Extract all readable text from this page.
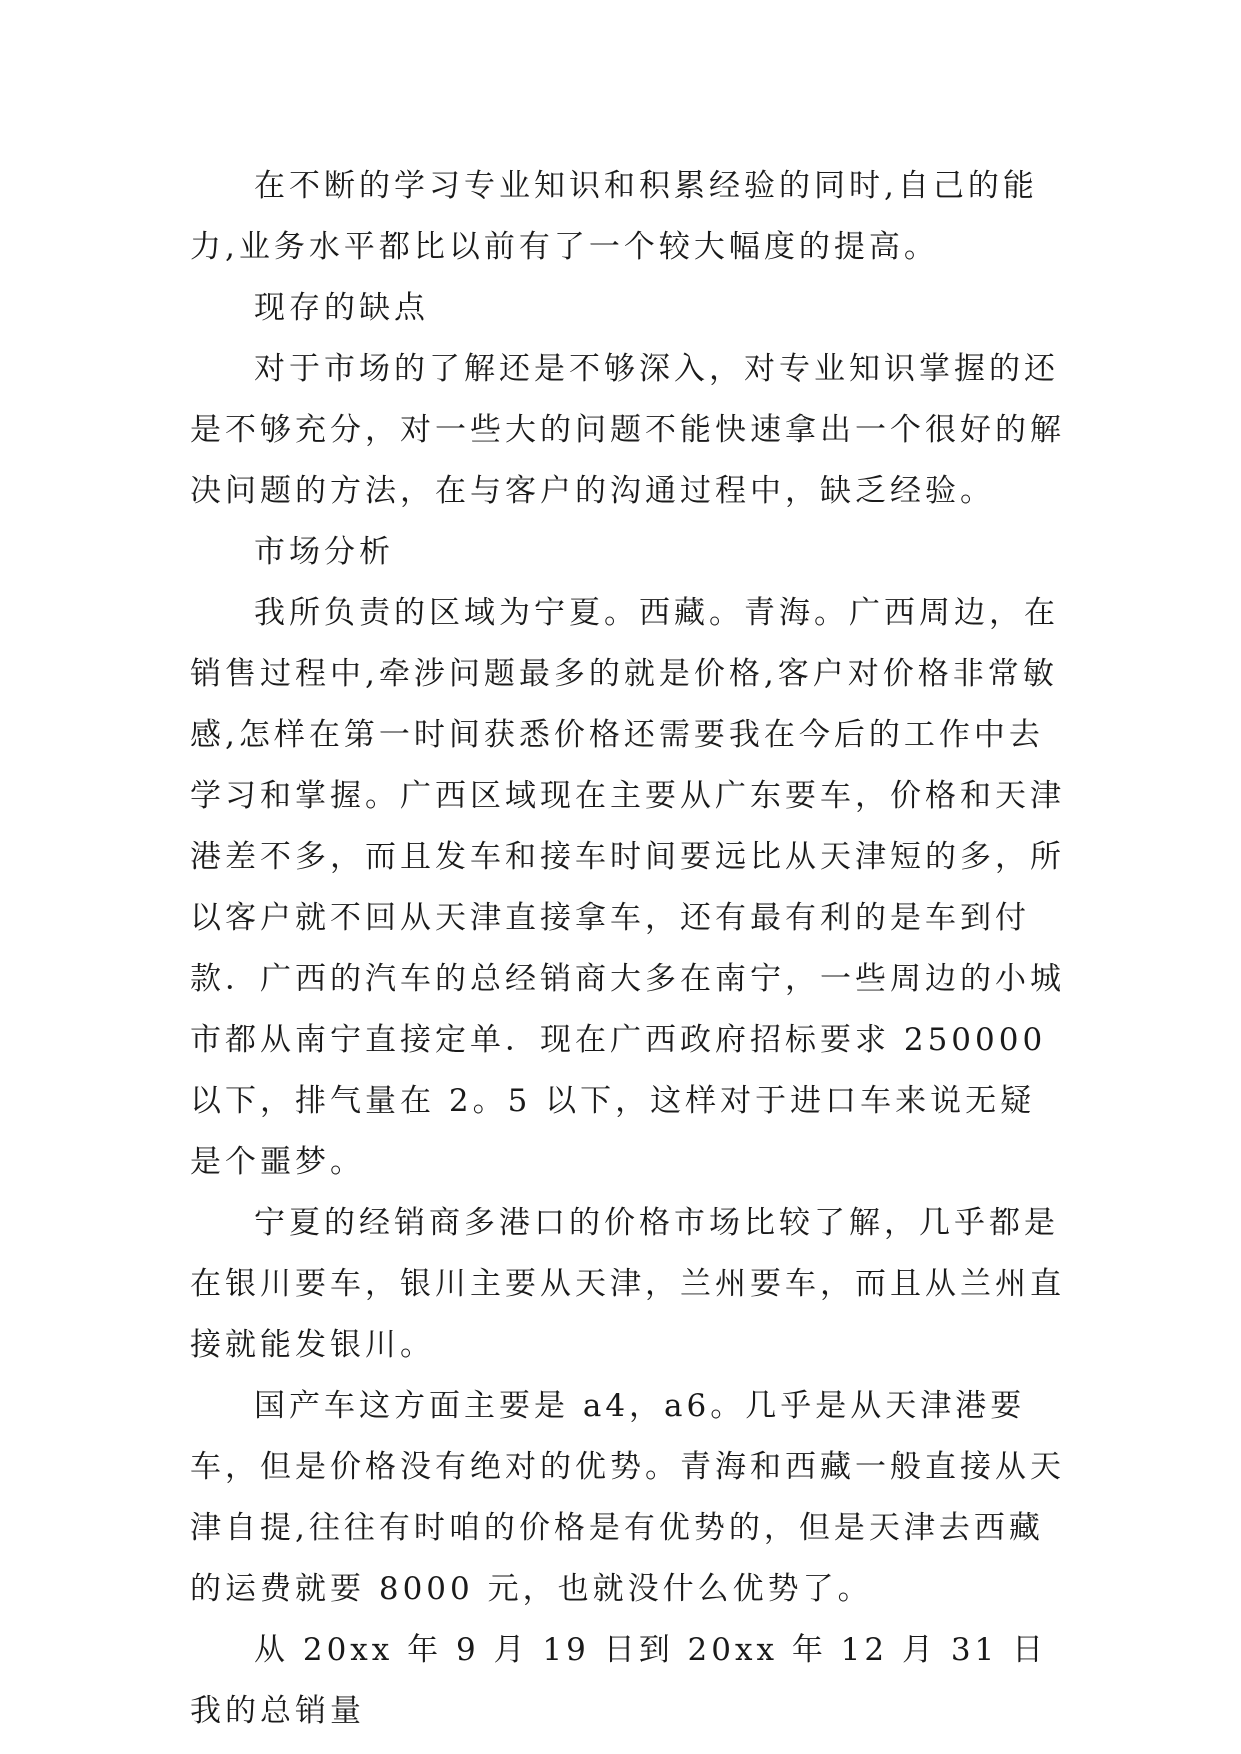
在不断的学习专业知识和积累经验的同时,自己的能力,业务水平都比以前有了一个较大幅度的提高。

现存的缺点

对于市场的了解还是不够深入，对专业知识掌握的还是不够充分，对一些大的问题不能快速拿出一个很好的解决问题的方法，在与客户的沟通过程中，缺乏经验。

市场分析

我所负责的区域为宁夏。西藏。青海。广西周边，在销售过程中,牵涉问题最多的就是价格,客户对价格非常敏感,怎样在第一时间获悉价格还需要我在今后的工作中去学习和掌握。广西区域现在主要从广东要车，价格和天津港差不多，而且发车和接车时间要远比从天津短的多，所以客户就不回从天津直接拿车，还有最有利的是车到付款．广西的汽车的总经销商大多在南宁，一些周边的小城市都从南宁直接定单．现在广西政府招标要求 250000 以下，排气量在 2。5 以下，这样对于进口车来说无疑是个噩梦。

宁夏的经销商多港口的价格市场比较了解，几乎都是在银川要车，银川主要从天津，兰州要车，而且从兰州直接就能发银川。

国产车这方面主要是 a4，a6。几乎是从天津港要车，但是价格没有绝对的优势。青海和西藏一般直接从天津自提,往往有时咱的价格是有优势的，但是天津去西藏的运费就要 8000 元，也就没什么优势了。

从 20xx 年 9 月 19 日到 20xx 年 12 月 31 日我的总销量
